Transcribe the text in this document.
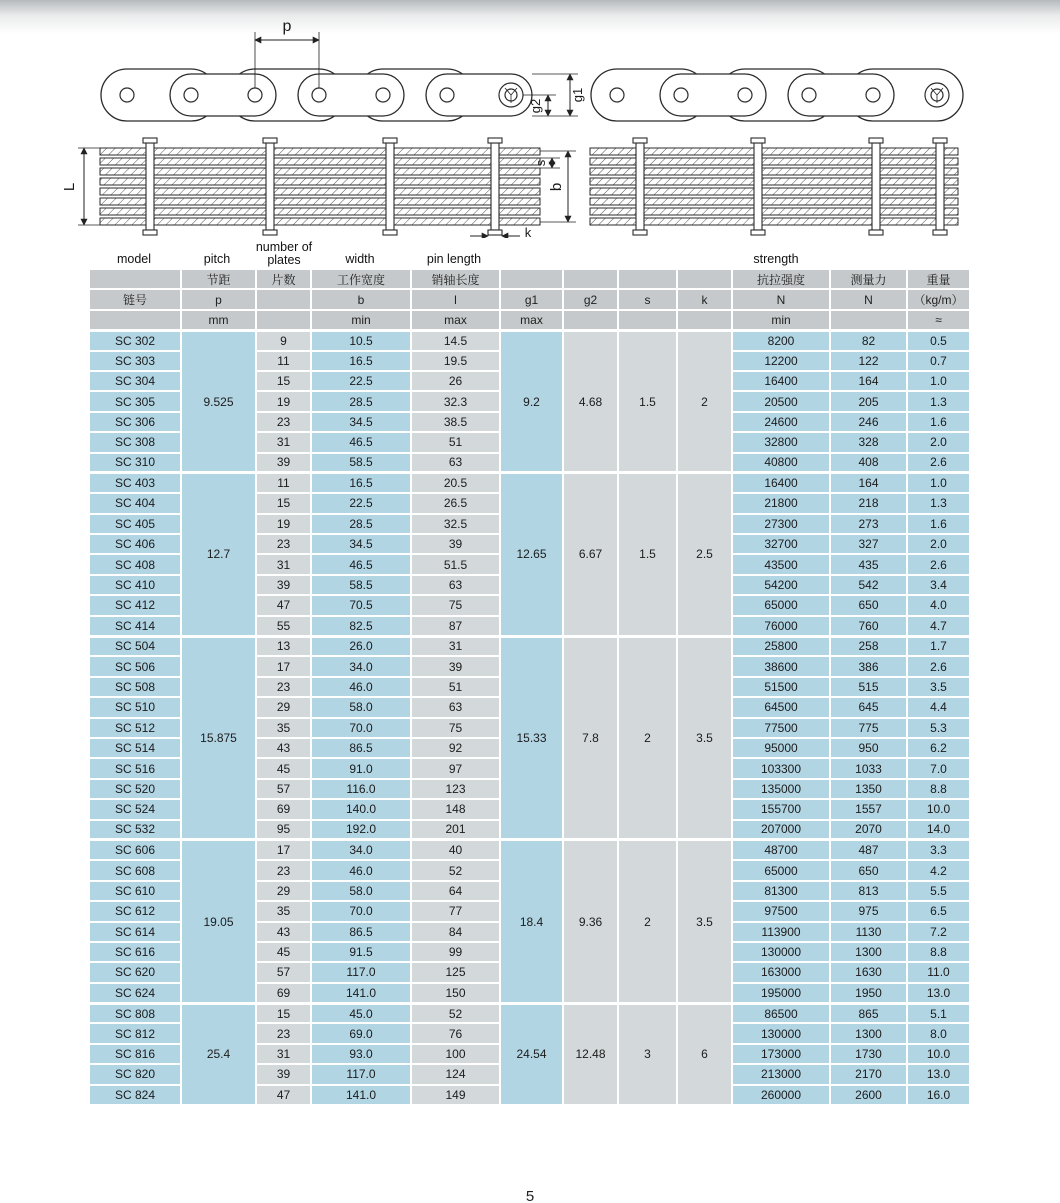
p
g2
g1
L
s
b
k
model	pitch
number of plates	width	pin length	strength
	节距	片数	工作宽度	销轴长度					抗拉强度	测量力	重量
链号	p		b	l	g1	g2	s	k	N	N	（kg/m）
	mm		min	max	max				min		≈
SC 302	9.525	9	10.5	14.5	9.2	4.68	1.5	2	8200	82	0.5
SC 303		11	16.5	19.5					12200	122	0.7
SC 304		15	22.5	26					16400	164	1.0
SC 305		19	28.5	32.3					20500	205	1.3
SC 306		23	34.5	38.5					24600	246	1.6
SC 308		31	46.5	51					32800	328	2.0
SC 310		39	58.5	63					40800	408	2.6
SC 403	12.7	11	16.5	20.5	12.65	6.67	1.5	2.5	16400	164	1.0
SC 404		15	22.5	26.5					21800	218	1.3
SC 405		19	28.5	32.5					27300	273	1.6
SC 406		23	34.5	39					32700	327	2.0
SC 408		31	46.5	51.5					43500	435	2.6
SC 410		39	58.5	63					54200	542	3.4
SC 412		47	70.5	75					65000	650	4.0
SC 414		55	82.5	87					76000	760	4.7
SC 504	15.875	13	26.0	31	15.33	7.8	2	3.5	25800	258	1.7
SC 506		17	34.0	39					38600	386	2.6
SC 508		23	46.0	51					51500	515	3.5
SC 510		29	58.0	63					64500	645	4.4
SC 512		35	70.0	75					77500	775	5.3
SC 514		43	86.5	92					95000	950	6.2
SC 516		45	91.0	97					103300	1033	7.0
SC 520		57	116.0	123					135000	1350	8.8
SC 524		69	140.0	148					155700	1557	10.0
SC 532		95	192.0	201					207000	2070	14.0
SC 606	19.05	17	34.0	40	18.4	9.36	2	3.5	48700	487	3.3
SC 608		23	46.0	52					65000	650	4.2
SC 610		29	58.0	64					81300	813	5.5
SC 612		35	70.0	77					97500	975	6.5
SC 614		43	86.5	84					113900	1130	7.2
SC 616		45	91.5	99					130000	1300	8.8
SC 620		57	117.0	125					163000	1630	11.0
SC 624		69	141.0	150					195000	1950	13.0
SC 808	25.4	15	45.0	52	24.54	12.48	3	6	86500	865	5.1
SC 812		23	69.0	76					130000	1300	8.0
SC 816		31	93.0	100					173000	1730	10.0
SC 820		39	117.0	124					213000	2170	13.0
SC 824		47	141.0	149					260000	2600	16.0
5
